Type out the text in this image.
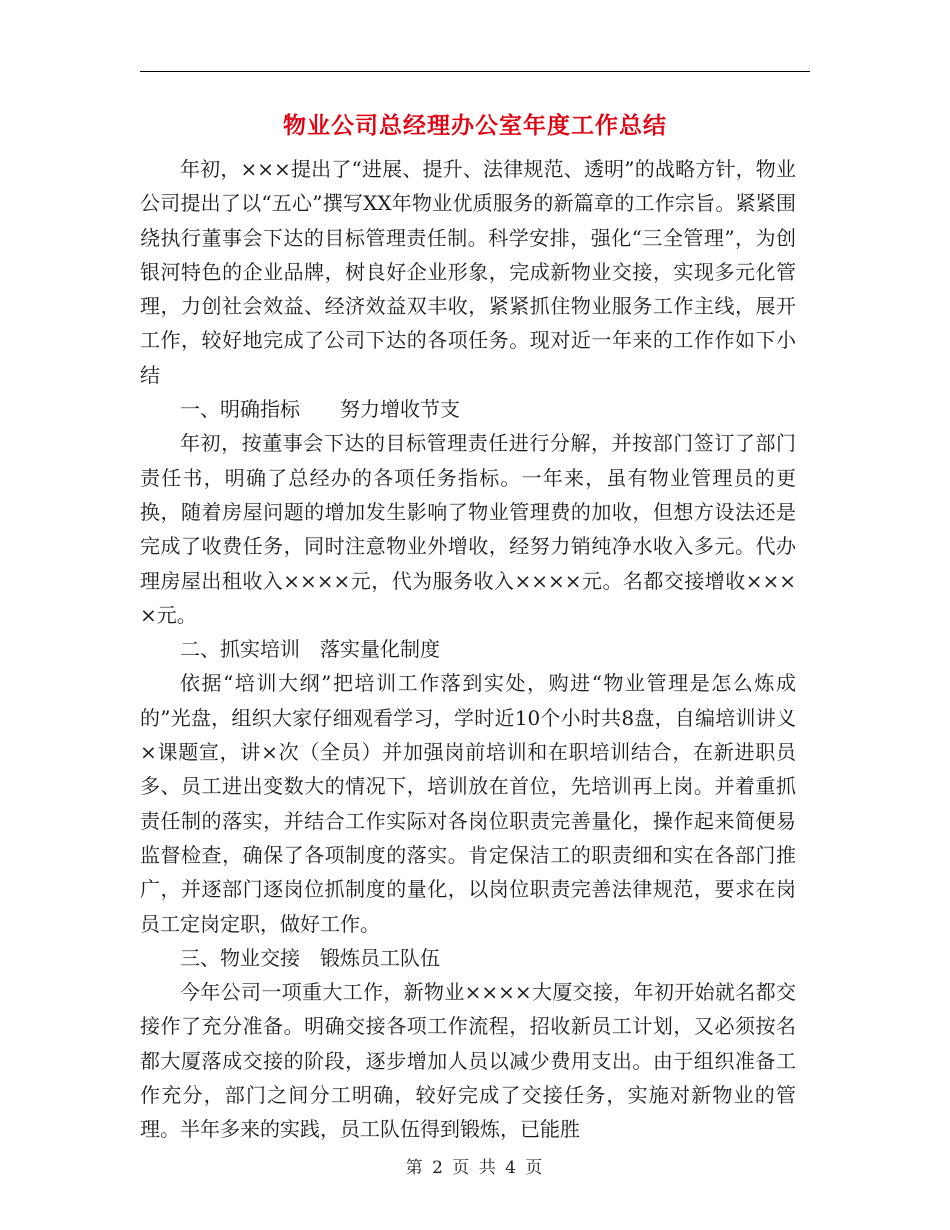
物业公司总经理办公室年度工作总结

年初，×××提出了“进展、提升、法律规范、透明”的战略方针，物业公司提出了以“五心”撰写XX年物业优质服务的新篇章的工作宗旨。紧紧围绕执行董事会下达的目标管理责任制。科学安排，强化“三全管理”，为创银河特色的企业品牌，树良好企业形象，完成新物业交接，实现多元化管理，力创社会效益、经济效益双丰收，紧紧抓住物业服务工作主线，展开工作，较好地完成了公司下达的各项任务。现对近一年来的工作作如下小结

一、明确指标　　努力增收节支

年初，按董事会下达的目标管理责任进行分解，并按部门签订了部门责任书，明确了总经办的各项任务指标。一年来，虽有物业管理员的更换，随着房屋问题的增加发生影响了物业管理费的加收，但想方设法还是完成了收费任务，同时注意物业外增收，经努力销纯净水收入多元。代办理房屋出租收入××××元，代为服务收入××××元。名都交接增收××××元。

二、抓实培训　落实量化制度

依据“培训大纲”把培训工作落到实处，购进“物业管理是怎么炼成的”光盘，组织大家仔细观看学习，学时近10个小时共8盘，自编培训讲义×课题宣，讲×次（全员）并加强岗前培训和在职培训结合，在新进职员多、员工进出变数大的情况下，培训放在首位，先培训再上岗。并着重抓责任制的落实，并结合工作实际对各岗位职责完善量化，操作起来简便易监督检查，确保了各项制度的落实。肯定保洁工的职责细和实在各部门推广，并逐部门逐岗位抓制度的量化，以岗位职责完善法律规范，要求在岗员工定岗定职，做好工作。

三、物业交接　锻炼员工队伍

今年公司一项重大工作，新物业××××大厦交接，年初开始就名都交接作了充分准备。明确交接各项工作流程，招收新员工计划，又必须按名都大厦落成交接的阶段，逐步增加人员以减少费用支出。由于组织准备工作充分，部门之间分工明确，较好完成了交接任务，实施对新物业的管理。半年多来的实践，员工队伍得到锻炼，已能胜

第 2 页 共 4 页
